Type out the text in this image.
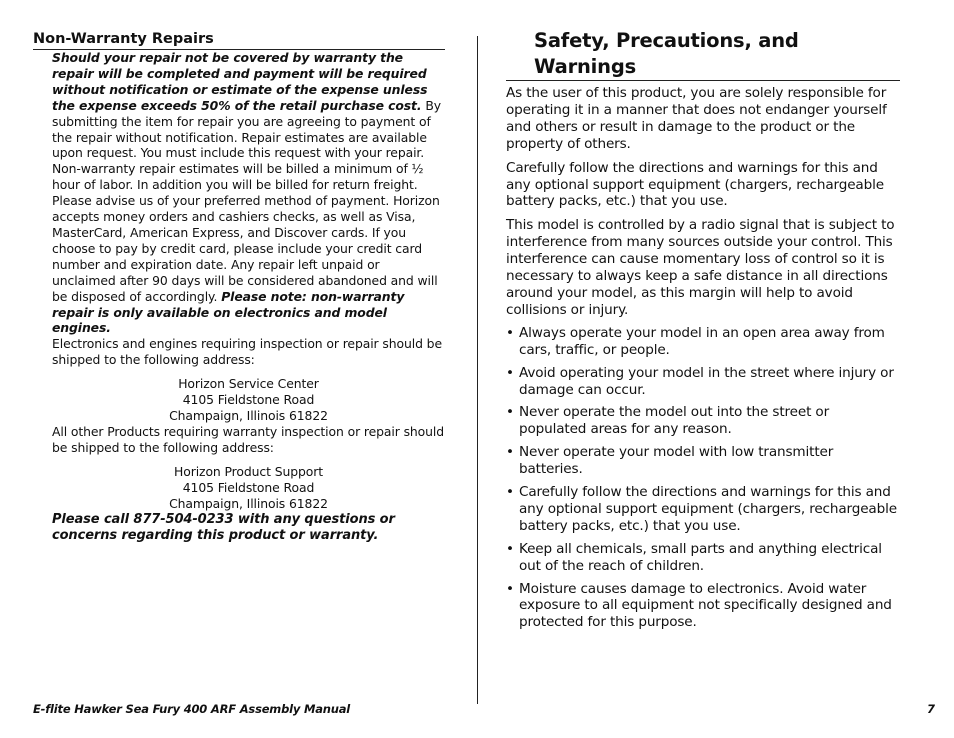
Non-Warranty Repairs

Should your repair not be covered by warranty the repair will be completed and payment will be required without notification or estimate of the expense unless the expense exceeds 50% of the retail purchase cost. By submitting the item for repair you are agreeing to payment of the repair without notification. Repair estimates are available upon request. You must include this request with your repair. Non-warranty repair estimates will be billed a minimum of ½ hour of labor. In addition you will be billed for return freight. Please advise us of your preferred method of payment. Horizon accepts money orders and cashiers checks, as well as Visa, MasterCard, American Express, and Discover cards. If you choose to pay by credit card, please include your credit card number and expiration date. Any repair left unpaid or unclaimed after 90 days will be considered abandoned and will be disposed of accordingly. Please note: non-warranty repair is only available on electronics and model engines.

Electronics and engines requiring inspection or repair should be shipped to the following address:

Horizon Service Center
4105 Fieldstone Road
Champaign, Illinois 61822

All other Products requiring warranty inspection or repair should be shipped to the following address:

Horizon Product Support
4105 Fieldstone Road
Champaign, Illinois 61822

Please call 877-504-0233 with any questions or concerns regarding this product or warranty.

Safety, Precautions, and Warnings

As the user of this product, you are solely responsible for operating it in a manner that does not endanger yourself and others or result in damage to the product or the property of others.

Carefully follow the directions and warnings for this and any optional support equipment (chargers, rechargeable battery packs, etc.) that you use.

This model is controlled by a radio signal that is subject to interference from many sources outside your control. This interference can cause momentary loss of control so it is necessary to always keep a safe distance in all directions around your model, as this margin will help to avoid collisions or injury.

• Always operate your model in an open area away from cars, traffic, or people.
• Avoid operating your model in the street where injury or damage can occur.
• Never operate the model out into the street or populated areas for any reason.
• Never operate your model with low transmitter batteries.
• Carefully follow the directions and warnings for this and any optional support equipment (chargers, rechargeable battery packs, etc.) that you use.
• Keep all chemicals, small parts and anything electrical out of the reach of children.
• Moisture causes damage to electronics. Avoid water exposure to all equipment not specifically designed and protected for this purpose.
E-flite Hawker Sea Fury 400 ARF Assembly Manual	7
